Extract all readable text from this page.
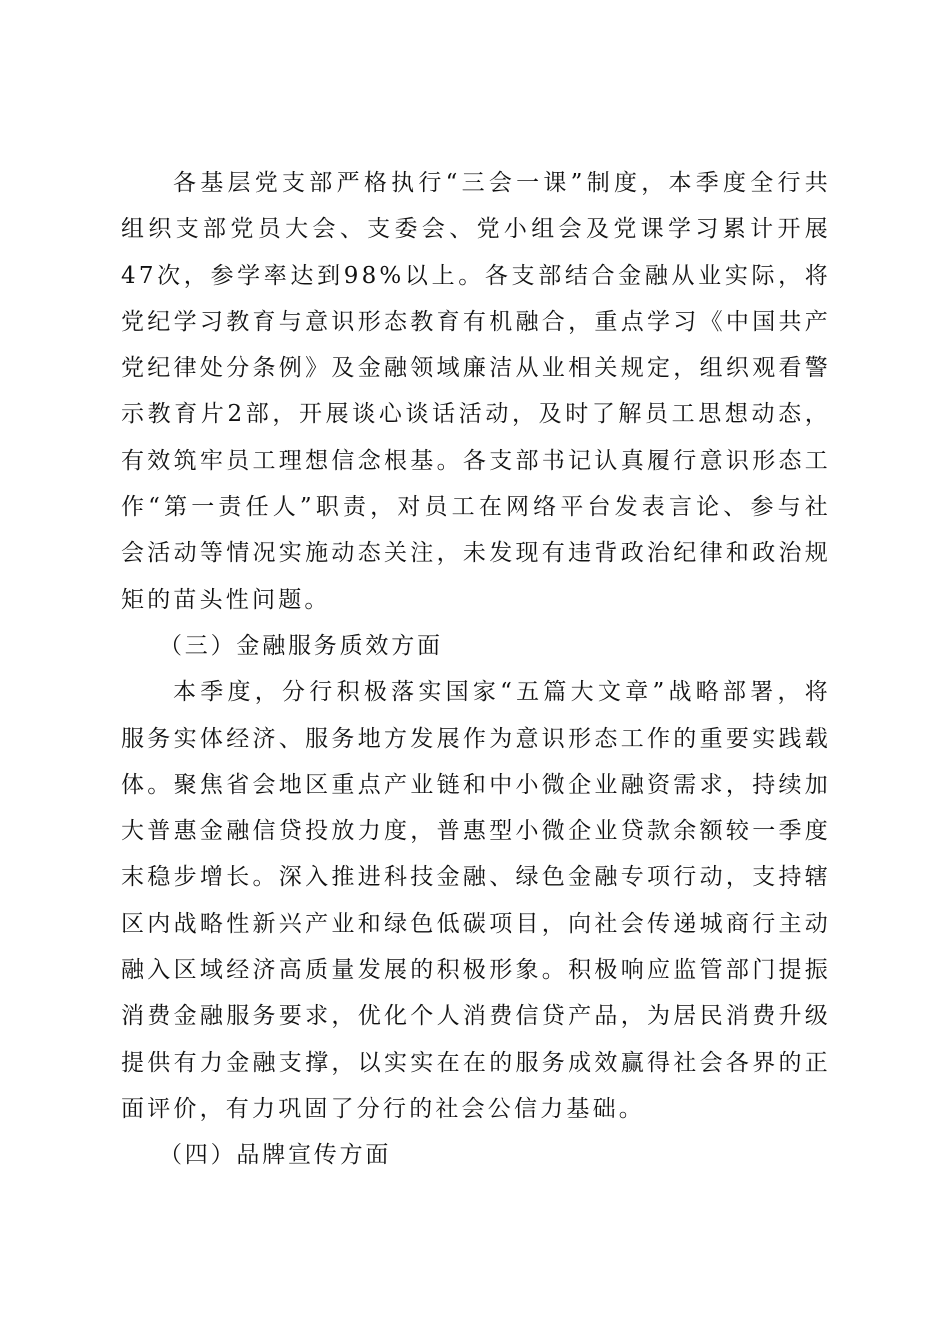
各基层党支部严格执行“三会一课”制度，本季度全行共组织支部党员大会、支委会、党小组会及党课学习累计开展47次，参学率达到98%以上。各支部结合金融从业实际，将党纪学习教育与意识形态教育有机融合，重点学习《中国共产党纪律处分条例》及金融领域廉洁从业相关规定，组织观看警示教育片2部，开展谈心谈话活动，及时了解员工思想动态，有效筑牢员工理想信念根基。各支部书记认真履行意识形态工作“第一责任人”职责，对员工在网络平台发表言论、参与社会活动等情况实施动态关注，未发现有违背政治纪律和政治规矩的苗头性问题。

（三）金融服务质效方面

本季度，分行积极落实国家“五篇大文章”战略部署，将服务实体经济、服务地方发展作为意识形态工作的重要实践载体。聚焦省会地区重点产业链和中小微企业融资需求，持续加大普惠金融信贷投放力度，普惠型小微企业贷款余额较一季度末稳步增长。深入推进科技金融、绿色金融专项行动，支持辖区内战略性新兴产业和绿色低碳项目，向社会传递城商行主动融入区域经济高质量发展的积极形象。积极响应监管部门提振消费金融服务要求，优化个人消费信贷产品，为居民消费升级提供有力金融支撑，以实实在在的服务成效赢得社会各界的正面评价，有力巩固了分行的社会公信力基础。

（四）品牌宣传方面
